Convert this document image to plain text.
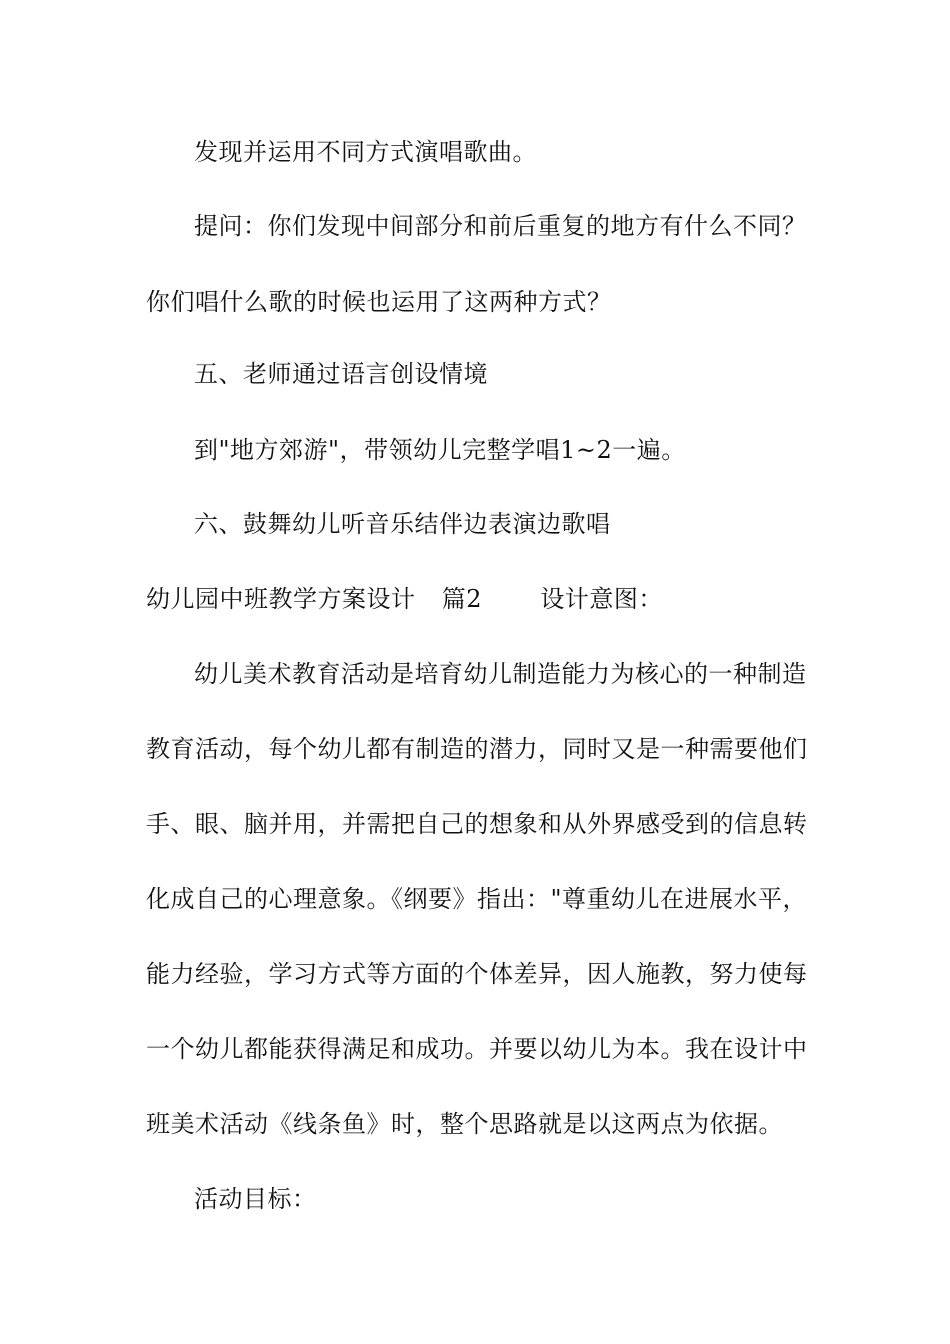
发现并运用不同方式演唱歌曲。
提问：你们发现中间部分和前后重复的地方有什么不同？
你们唱什么歌的时候也运用了这两种方式？
五、老师通过语言创设情境
到"地方郊游"，带领幼儿完整学唱1~2一遍。
六、鼓舞幼儿听音乐结伴边表演边歌唱
幼儿园中班教学方案设计 篇2 设计意图：
幼儿美术教育活动是培育幼儿制造能力为核心的一种制造
教育活动，每个幼儿都有制造的潜力，同时又是一种需要他们
手、眼、脑并用，并需把自己的想象和从外界感受到的信息转
化成自己的心理意象。《纲要》指出："尊重幼儿在进展水平，
能力经验，学习方式等方面的个体差异，因人施教，努力使每
一个幼儿都能获得满足和成功。并要以幼儿为本。我在设计中
班美术活动《线条鱼》时，整个思路就是以这两点为依据。
活动目标：
